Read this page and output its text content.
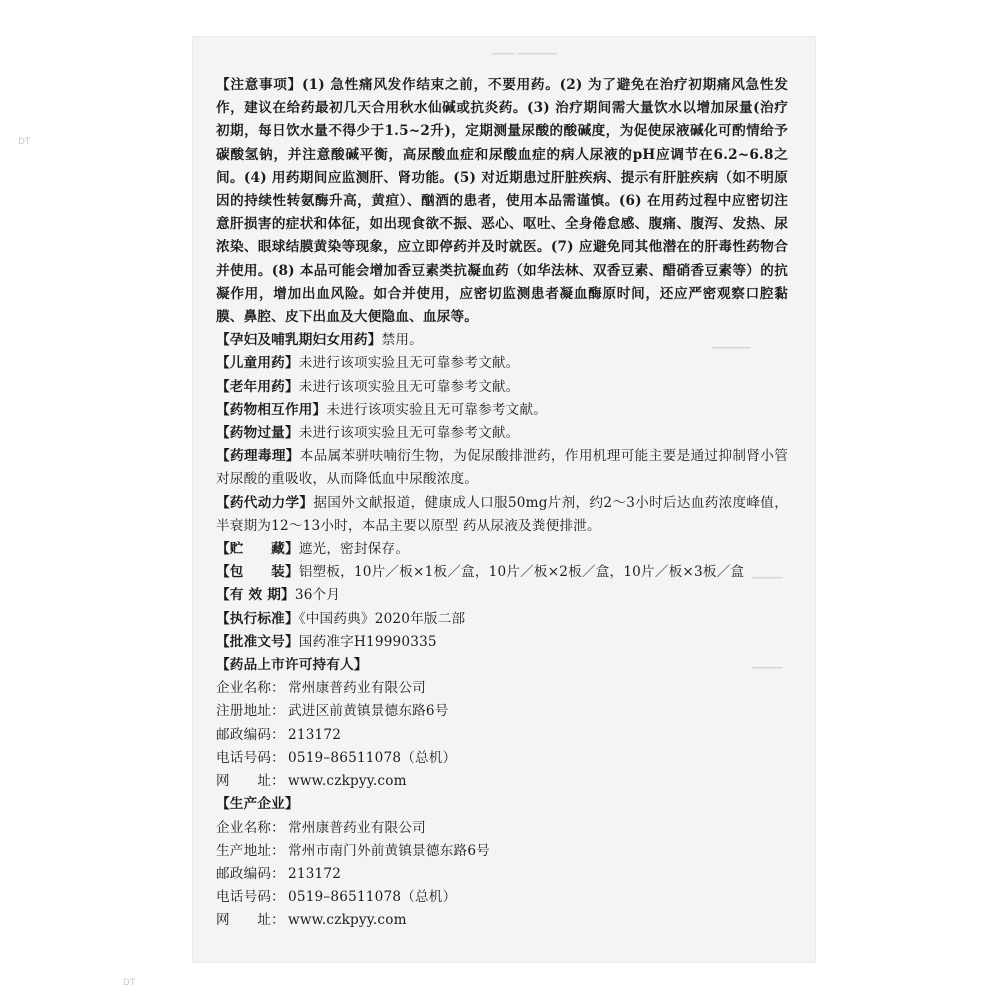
DT
DT
▁▁▁ ▁▁▁▁▁
▁▁▁▁▁
▁▁▁▁
▁▁▁▁

【注意事项】(1) 急性痛风发作结束之前，不要用药。(2) 为了避免在治疗初期痛风急性发作，建议在给药最初几天合用秋水仙碱或抗炎药。(3) 治疗期间需大量饮水以增加尿量(治疗初期，每日饮水量不得少于1.5~2升)，定期测量尿酸的酸碱度，为促使尿液碱化可酌情给予碳酸氢钠，并注意酸碱平衡，高尿酸血症和尿酸血症的病人尿液的pH应调节在6.2~6.8之间。(4) 用药期间应监测肝、肾功能。(5) 对近期患过肝脏疾病、提示有肝脏疾病（如不明原因的持续性转氨酶升高，黄疸）、酗酒的患者，使用本品需谨慎。(6) 在用药过程中应密切注意肝损害的症状和体征，如出现食欲不振、恶心、呕吐、全身倦怠感、腹痛、腹泻、发热、尿浓染、眼球结膜黄染等现象，应立即停药并及时就医。(7) 应避免同其他潜在的肝毒性药物合并使用。(8) 本品可能会增加香豆素类抗凝血药（如华法林、双香豆素、醋硝香豆素等）的抗凝作用，增加出血风险。如合并使用，应密切监测患者凝血酶原时间，还应严密观察口腔黏膜、鼻腔、皮下出血及大便隐血、血尿等。

【孕妇及哺乳期妇女用药】禁用。

【儿童用药】未进行该项实验且无可靠参考文献。

【老年用药】未进行该项实验且无可靠参考文献。

【药物相互作用】未进行该项实验且无可靠参考文献。

【药物过量】未进行该项实验且无可靠参考文献。

【药理毒理】本品属苯骈呋喃衍生物，为促尿酸排泄药，作用机理可能主要是通过抑制肾小管对尿酸的重吸收，从而降低血中尿酸浓度。

【药代动力学】据国外文献报道，健康成人口服50mg片剂，约2～3小时后达血药浓度峰值，半衰期为12～13小时，本品主要以原型 药从尿液及粪便排泄。

【贮　　藏】遮光，密封保存。

【包　　装】铝塑板，10片／板×1板／盒，10片／板×2板／盒，10片／板×3板／盒

【有 效 期】36个月

【执行标准】《中国药典》2020年版二部

【批准文号】国药准字H19990335

【药品上市许可持有人】

企业名称： 常州康普药业有限公司

注册地址： 武进区前黄镇景德东路6号

邮政编码： 213172

电话号码： 0519–86511078（总机）

网　　址： www.czkpyy.com

【生产企业】

企业名称： 常州康普药业有限公司

生产地址： 常州市南门外前黄镇景德东路6号

邮政编码： 213172

电话号码： 0519–86511078（总机）

网　　址： www.czkpyy.com
